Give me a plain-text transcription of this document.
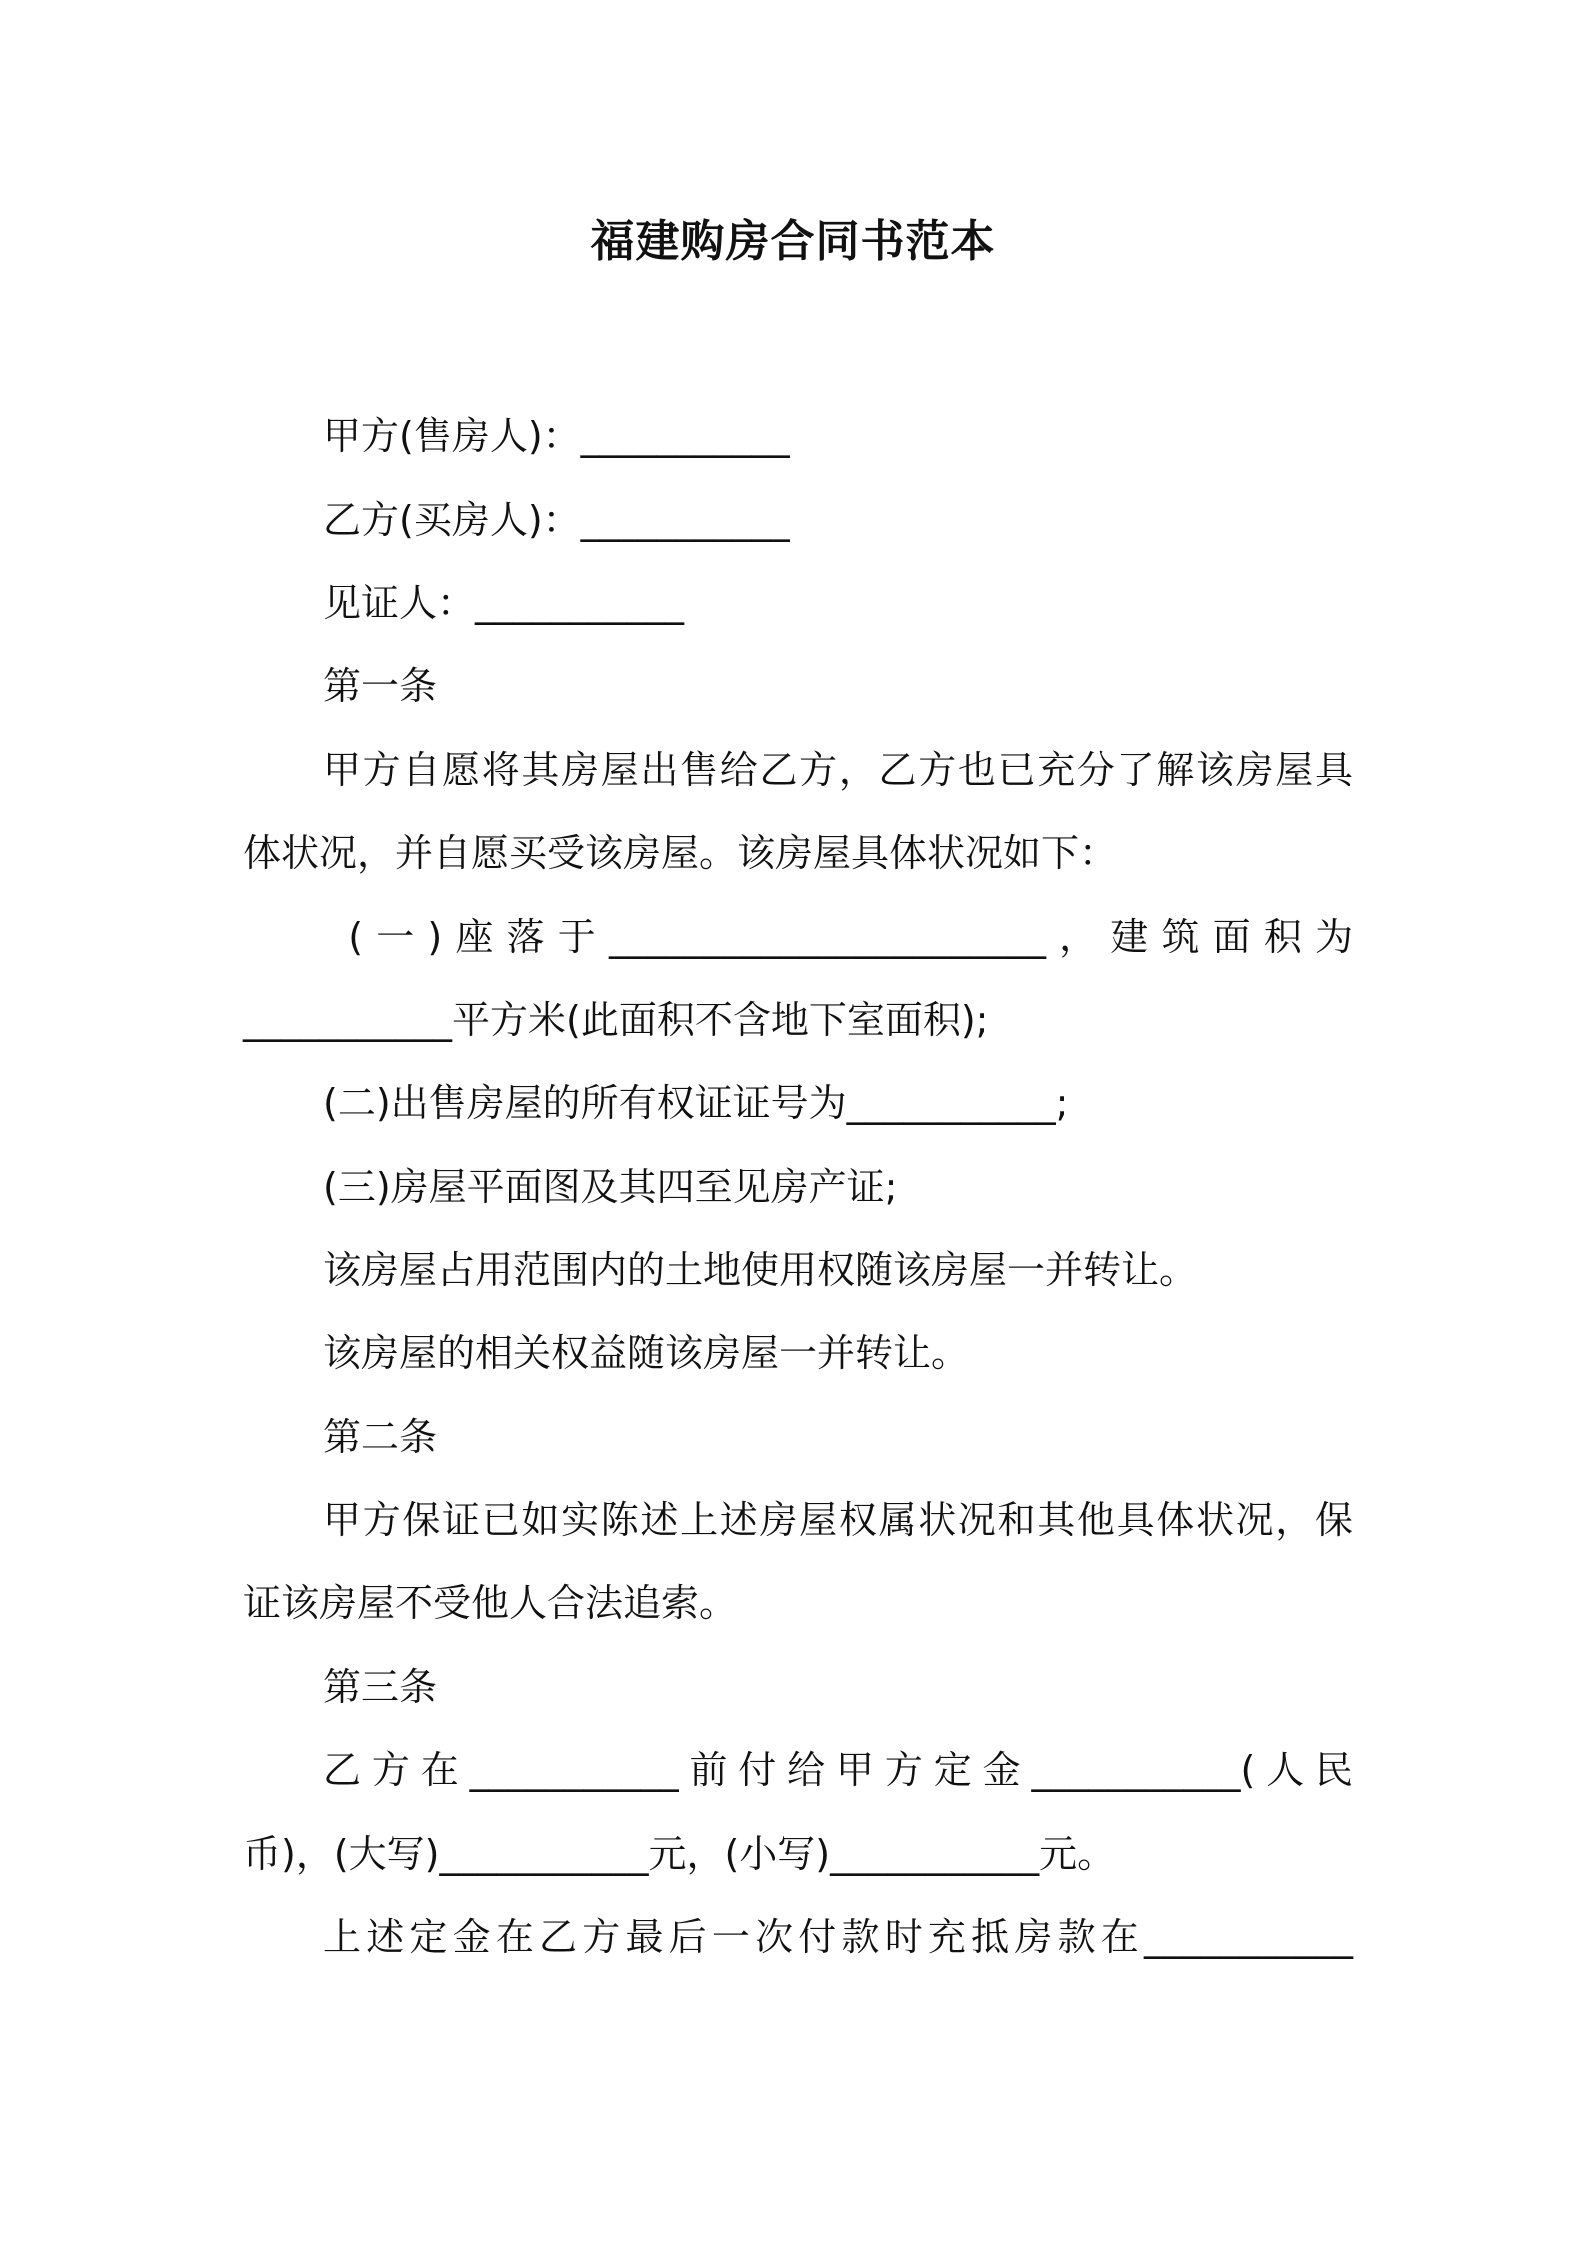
福建购房合同书范本
甲方(售房人)：___________
乙方(买房人)：___________
见证人：___________
第一条
甲方自愿将其房屋出售给乙方，乙方也已充分了解该房屋具
体状况，并自愿买受该房屋。该房屋具体状况如下：
(一)座落于_______________________，建筑面积为
___________平方米(此面积不含地下室面积);
(二)出售房屋的所有权证证号为___________;
(三)房屋平面图及其四至见房产证;
该房屋占用范围内的土地使用权随该房屋一并转让。
该房屋的相关权益随该房屋一并转让。
第二条
甲方保证已如实陈述上述房屋权属状况和其他具体状况，保
证该房屋不受他人合法追索。
第三条
乙方在___________前付给甲方定金___________(人民
币)，(大写)___________元，(小写)___________元。
上述定金在乙方最后一次付款时充抵房款在___________
